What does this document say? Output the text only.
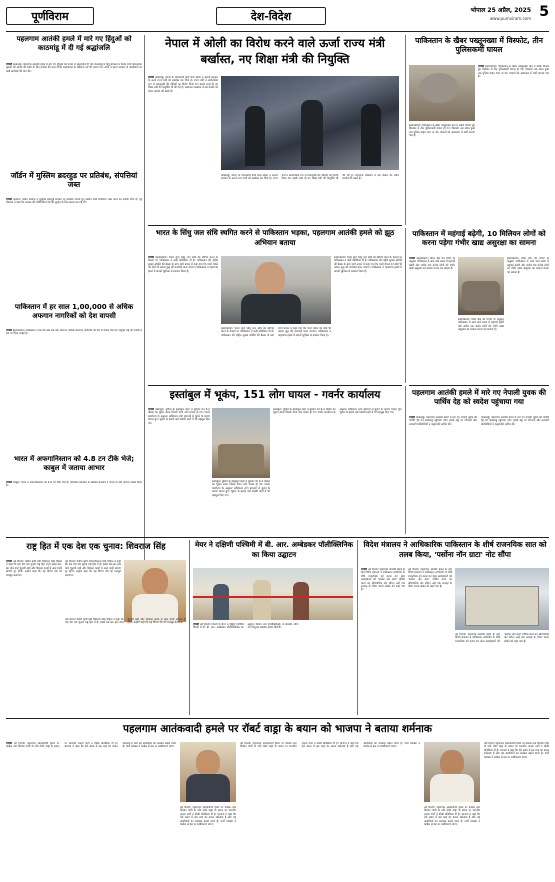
पूर्णविराम	देश-विदेश	भोपाल 25 अप्रैल, 2025 5
www.purnviram.com
पहलगाम आतंकी हमले में मारे गए हिंदुओं को काठमांडू में दी गई श्रद्धांजलि
एजेंसी काठमांडू। पहलगाम आतंकी हमले में मारे गए हिंदुओं को नेपाल में श्रद्धांजलि दी गई। काठमांडू में हिंदू संगठनों ने कैंडल मार्च निकालकर मृतकों की आत्मा की शांति के लिए प्रार्थना की। इस दौरान आतंकवाद के खिलाफ नारे भी लगाए गए। लोगों ने भारत सरकार से आतंकियों पर कड़ी कार्रवाई की मांग की।
जॉर्डन में मुस्लिम ब्रदरहुड पर प्रतिबंध, संपत्तियां जब्त
एजेंसी अम्मान। जॉर्डन सरकार ने मुस्लिम ब्रदरहुड संगठन पर प्रतिबंध लगाते हुए उसकी सभी संपत्तियां जब्त करने का आदेश दिया है। गृह मंत्रालय ने कहा कि संगठन की गतिविधियां देश की सुरक्षा के लिए खतरा बन गई थीं।
पाकिस्तान में हर साल 1,00,000 से अधिक अफगान नागरिकों को देश वापसी
एजेंसी इस्लामाबाद। पाकिस्तान ने इस वर्ष अब तक एक लाख से अधिक अफगान नागरिकों को देश से वापस भेजा है। संयुक्त राष्ट्र की एजेंसी ने इस पर चिंता जताई है।
भारत में अफगानिस्तान को 4.8 टन टीके भेजे; काबुल में जताया आभार
एजेंसी काबुल। भारत ने अफगानिस्तान को 4.8 टन टीके भेजे हैं। तालिबान प्रशासन के स्वास्थ्य मंत्रालय ने भारत के प्रति आभार व्यक्त किया है।
नेपाल में ओली का विरोध करने वाले ऊर्जा राज्य मंत्री बर्खास्त, नए शिक्षा मंत्री की नियुक्ति
एजेंसी काठमांडू। नेपाल के प्रधानमंत्री केपी शर्मा ओली ने अपनी सरकार के ऊर्जा राज्य मंत्री को बर्खास्त कर दिया है। राज्य मंत्री ने सार्वजनिक रूप से प्रधानमंत्री की नीतियों का विरोध किया था। इसके साथ ही नए शिक्षा मंत्री की नियुक्ति भी की गई है। सत्तारूढ़ गठबंधन में इस फैसले को लेकर मतभेद की खबरें हैं।
काठमांडू। नेपाल के प्रधानमंत्री केपी शर्मा ओली ने अपनी सरकार के ऊर्जा राज्य मंत्री को बर्खास्त कर दिया है। राज्य मंत्री ने सार्वजनिक रूप से प्रधानमंत्री की नीतियों का विरोध किया था। इसके साथ ही नए शिक्षा मंत्री की नियुक्ति भी की गई है। सत्तारूढ़ गठबंधन में इस फैसले को लेकर मतभेद की खबरें हैं।
पाकिस्तान के खैबर पख्तूनख्वा में विस्फोट, तीन पुलिसकर्मी घायल
एजेंसी इस्लामाबाद। पाकिस्तान के खैबर पख्तूनख्वा प्रांत में सड़क किनारे हुए विस्फोट में तीन पुलिसकर्मी घायल हो गए। विस्फोट उस समय हुआ जब पुलिस वाहन गश्त पर था। घायलों को अस्पताल में भर्ती कराया गया है।
इस्लामाबाद। पाकिस्तान के खैबर पख्तूनख्वा प्रांत में सड़क किनारे हुए विस्फोट में तीन पुलिसकर्मी घायल हो गए। विस्फोट उस समय हुआ जब पुलिस वाहन गश्त पर था। घायलों को अस्पताल में भर्ती कराया गया है।
भारत के सिंधु जल संधि स्थगित करने से पाकिस्तान भड़का, पहलगाम आतंकी हमले को झूठ अभियान बताया
एजेंसी इस्लामाबाद। भारत द्वारा सिंधु जल संधि को स्थगित करने के फैसले पर पाकिस्तान ने कड़ी प्रतिक्रिया दी है। पाकिस्तान की राष्ट्रीय सुरक्षा समिति की बैठक के बाद जारी बयान में कहा गया कि पानी रोकने का कोई भी प्रयास युद्ध की कार्रवाई माना जाएगा। पाकिस्तान ने पहलगाम हमले में अपनी भूमिका से इनकार किया है।
इस्लामाबाद। भारत द्वारा सिंधु जल संधि को स्थगित करने के फैसले पर पाकिस्तान ने कड़ी प्रतिक्रिया दी है। पाकिस्तान की राष्ट्रीय सुरक्षा समिति की बैठक के बाद जारी बयान में कहा गया कि पानी रोकने का कोई भी प्रयास युद्ध की कार्रवाई माना जाएगा। पाकिस्तान ने पहलगाम हमले में अपनी भूमिका से इनकार किया है।
इस्लामाबाद। भारत द्वारा सिंधु जल संधि को स्थगित करने के फैसले पर पाकिस्तान ने कड़ी प्रतिक्रिया दी है। पाकिस्तान की राष्ट्रीय सुरक्षा समिति की बैठक के बाद जारी बयान में कहा गया कि पानी रोकने का कोई भी प्रयास युद्ध की कार्रवाई माना जाएगा। पाकिस्तान ने पहलगाम हमले में अपनी भूमिका से इनकार किया है।
पाकिस्तान में महंगाई बढ़ेगी, 10 मिलियन लोगों को करना पड़ेगा गंभीर खाद्य असुरक्षा का सामना
एजेंसी इस्लामाबाद। विश्व बैंक की रिपोर्ट के अनुसार पाकिस्तान में आने वाले समय में महंगाई बढ़ेगी और करीब एक करोड़ लोगों को गंभीर खाद्य असुरक्षा का सामना करना पड़ सकता है।
इस्लामाबाद। विश्व बैंक की रिपोर्ट के अनुसार पाकिस्तान में आने वाले समय में महंगाई बढ़ेगी और करीब एक करोड़ लोगों को गंभीर खाद्य असुरक्षा का सामना करना पड़ सकता है।
इस्लामाबाद। विश्व बैंक की रिपोर्ट के अनुसार पाकिस्तान में आने वाले समय में महंगाई बढ़ेगी और करीब एक करोड़ लोगों को गंभीर खाद्य असुरक्षा का सामना करना पड़ सकता है।
इस्तांबुल में भूकंप, 151 लोग घायल - गवर्नर कार्यालय
एजेंसी इस्तांबुल। तुर्किये के इस्तांबुल शहर में बुधवार को 6.2 तीव्रता का भूकंप आया जिसमें 151 लोग घायल हो गए। गवर्नर कार्यालय के अनुसार अधिकतर लोग इमारतों से कूदने के कारण घायल हुए। भूकंप के झटके कई पड़ोसी प्रांतों में भी महसूस किए गए।
इस्तांबुल। तुर्किये के इस्तांबुल शहर में बुधवार को 6.2 तीव्रता का भूकंप आया जिसमें 151 लोग घायल हो गए। गवर्नर कार्यालय के अनुसार अधिकतर लोग इमारतों से कूदने के कारण घायल हुए। भूकंप के झटके कई पड़ोसी प्रांतों में भी महसूस किए गए।
इस्तांबुल। तुर्किये के इस्तांबुल शहर में बुधवार को 6.2 तीव्रता का भूकंप आया जिसमें 151 लोग घायल हो गए। गवर्नर कार्यालय के अनुसार अधिकतर लोग इमारतों से कूदने के कारण घायल हुए। भूकंप के झटके कई पड़ोसी प्रांतों में भी महसूस किए गए।
पहलगाम आतंकी हमले में मारे गए नेपाली युवक की पार्थिव देह को स्वदेश पहुंचाया गया
एजेंसी काठमांडू। पहलगाम आतंकी हमले में मारे गए नेपाली युवक की पार्थिव देह को काठमांडू पहुंचाया गया। हवाई अड्डे पर परिजनों और सरकारी प्रतिनिधियों ने श्रद्धांजलि अर्पित की।
काठमांडू। पहलगाम आतंकी हमले में मारे गए नेपाली युवक की पार्थिव देह को काठमांडू पहुंचाया गया। हवाई अड्डे पर परिजनों और सरकारी प्रतिनिधियों ने श्रद्धांजलि अर्पित की।
राष्ट्र हित में एक देश एक चुनाव: शिवराज सिंह
एजेंसी नई दिल्ली। केंद्रीय कृषि मंत्री शिवराज सिंह चौहान ने कहा कि एक देश एक चुनाव राष्ट्र हित में है। इससे बार-बार होने वाले चुनावी खर्च और विकास कार्यों में आने वाली बाधाएं दूर होंगी। उन्होंने कहा कि यह विचार देश को मजबूत बनाएगा।
नई दिल्ली। केंद्रीय कृषि मंत्री शिवराज सिंह चौहान ने कहा कि एक देश एक चुनाव राष्ट्र हित में है। इससे बार-बार होने वाले चुनावी खर्च और विकास कार्यों में आने वाली बाधाएं दूर होंगी। उन्होंने कहा कि यह विचार देश को मजबूत बनाएगा।
नई दिल्ली। केंद्रीय कृषि मंत्री शिवराज सिंह चौहान ने कहा कि एक देश एक चुनाव राष्ट्र हित में है। इससे बार-बार होने वाले चुनावी खर्च और विकास कार्यों में आने वाली बाधाएं दूर होंगी। उन्होंने कहा कि यह विचार देश को मजबूत बनाएगा।
मेयर ने दक्षिणी पश्चिमी में बी. आर. अम्बेडकर पॉलीक्लिनिक का किया उद्घाटन
एजेंसी नई दिल्ली। दिल्ली के मेयर ने दक्षिण पश्चिमी दिल्ली में डॉ. बी. आर. अम्बेडकर पॉलीक्लिनिक का उद्घाटन किया। इस पॉलीक्लिनिक में स्थानीय लोगों को निःशुल्क स्वास्थ्य सेवाएं मिलेंगी।
विदेश मंत्रालय ने आधिकारिक पाकिस्तान के शीर्ष राजनयिक सात को तलब किया, 'पर्सोना नॉन ग्राटा' नोट सौंपा
एजेंसी नई दिल्ली। पहलगाम आतंकी हमले के बाद विदेश मंत्रालय ने पाकिस्तान उच्चायोग के शीर्ष राजनयिक को तलब कर सैन्य सलाहकारों को 'पर्सोना नॉन ग्राटा' घोषित करने का औपचारिक नोट सौंपा। उन्हें एक सप्ताह के भीतर भारत छोड़ने को कहा गया है।
नई दिल्ली। पहलगाम आतंकी हमले के बाद विदेश मंत्रालय ने पाकिस्तान उच्चायोग के शीर्ष राजनयिक को तलब कर सैन्य सलाहकारों को 'पर्सोना नॉन ग्राटा' घोषित करने का औपचारिक नोट सौंपा। उन्हें एक सप्ताह के भीतर भारत छोड़ने को कहा गया है।
नई दिल्ली। पहलगाम आतंकी हमले के बाद विदेश मंत्रालय ने पाकिस्तान उच्चायोग के शीर्ष राजनयिक को तलब कर सैन्य सलाहकारों को 'पर्सोना नॉन ग्राटा' घोषित करने का औपचारिक नोट सौंपा। उन्हें एक सप्ताह के भीतर भारत छोड़ने को कहा गया है।
पहलगाम आतंकवादी हमले पर रॉबर्ट वाड्रा के बयान को भाजपा ने बताया शर्मनाक
एजेंसी नई दिल्ली। पहलगाम आतंकवादी हमले पर कांग्रेस नेता प्रियंका गांधी के पति रॉबर्ट वाड्रा के बयान पर भारतीय जनता पार्टी ने तीखी प्रतिक्रिया दी है। भाजपा ने कहा कि ऐसे समय में इस तरह का बयान शर्मनाक है और यह आतंकियों का मनोबल बढ़ाने वाला है। पार्टी प्रवक्ता ने कांग्रेस से इस पर स्पष्टीकरण मांगा।
नई दिल्ली। पहलगाम आतंकवादी हमले पर कांग्रेस नेता प्रियंका गांधी के पति रॉबर्ट वाड्रा के बयान पर भारतीय जनता पार्टी ने तीखी प्रतिक्रिया दी है। भाजपा ने कहा कि ऐसे समय में इस तरह का बयान शर्मनाक है और यह आतंकियों का मनोबल बढ़ाने वाला है। पार्टी प्रवक्ता ने कांग्रेस से इस पर स्पष्टीकरण मांगा।
नई दिल्ली। पहलगाम आतंकवादी हमले पर कांग्रेस नेता प्रियंका गांधी के पति रॉबर्ट वाड्रा के बयान पर भारतीय जनता पार्टी ने तीखी प्रतिक्रिया दी है। भाजपा ने कहा कि ऐसे समय में इस तरह का बयान शर्मनाक है और यह आतंकियों का मनोबल बढ़ाने वाला है। पार्टी प्रवक्ता ने कांग्रेस से इस पर स्पष्टीकरण मांगा।
नई दिल्ली। पहलगाम आतंकवादी हमले पर कांग्रेस नेता प्रियंका गांधी के पति रॉबर्ट वाड्रा के बयान पर भारतीय जनता पार्टी ने तीखी प्रतिक्रिया दी है। भाजपा ने कहा कि ऐसे समय में इस तरह का बयान शर्मनाक है और यह आतंकियों का मनोबल बढ़ाने वाला है। पार्टी प्रवक्ता ने कांग्रेस से इस पर स्पष्टीकरण मांगा।
नई दिल्ली। पहलगाम आतंकवादी हमले पर कांग्रेस नेता प्रियंका गांधी के पति रॉबर्ट वाड्रा के बयान पर भारतीय जनता पार्टी ने तीखी प्रतिक्रिया दी है। भाजपा ने कहा कि ऐसे समय में इस तरह का बयान शर्मनाक है और यह आतंकियों का मनोबल बढ़ाने वाला है। पार्टी प्रवक्ता ने कांग्रेस से इस पर स्पष्टीकरण मांगा।
